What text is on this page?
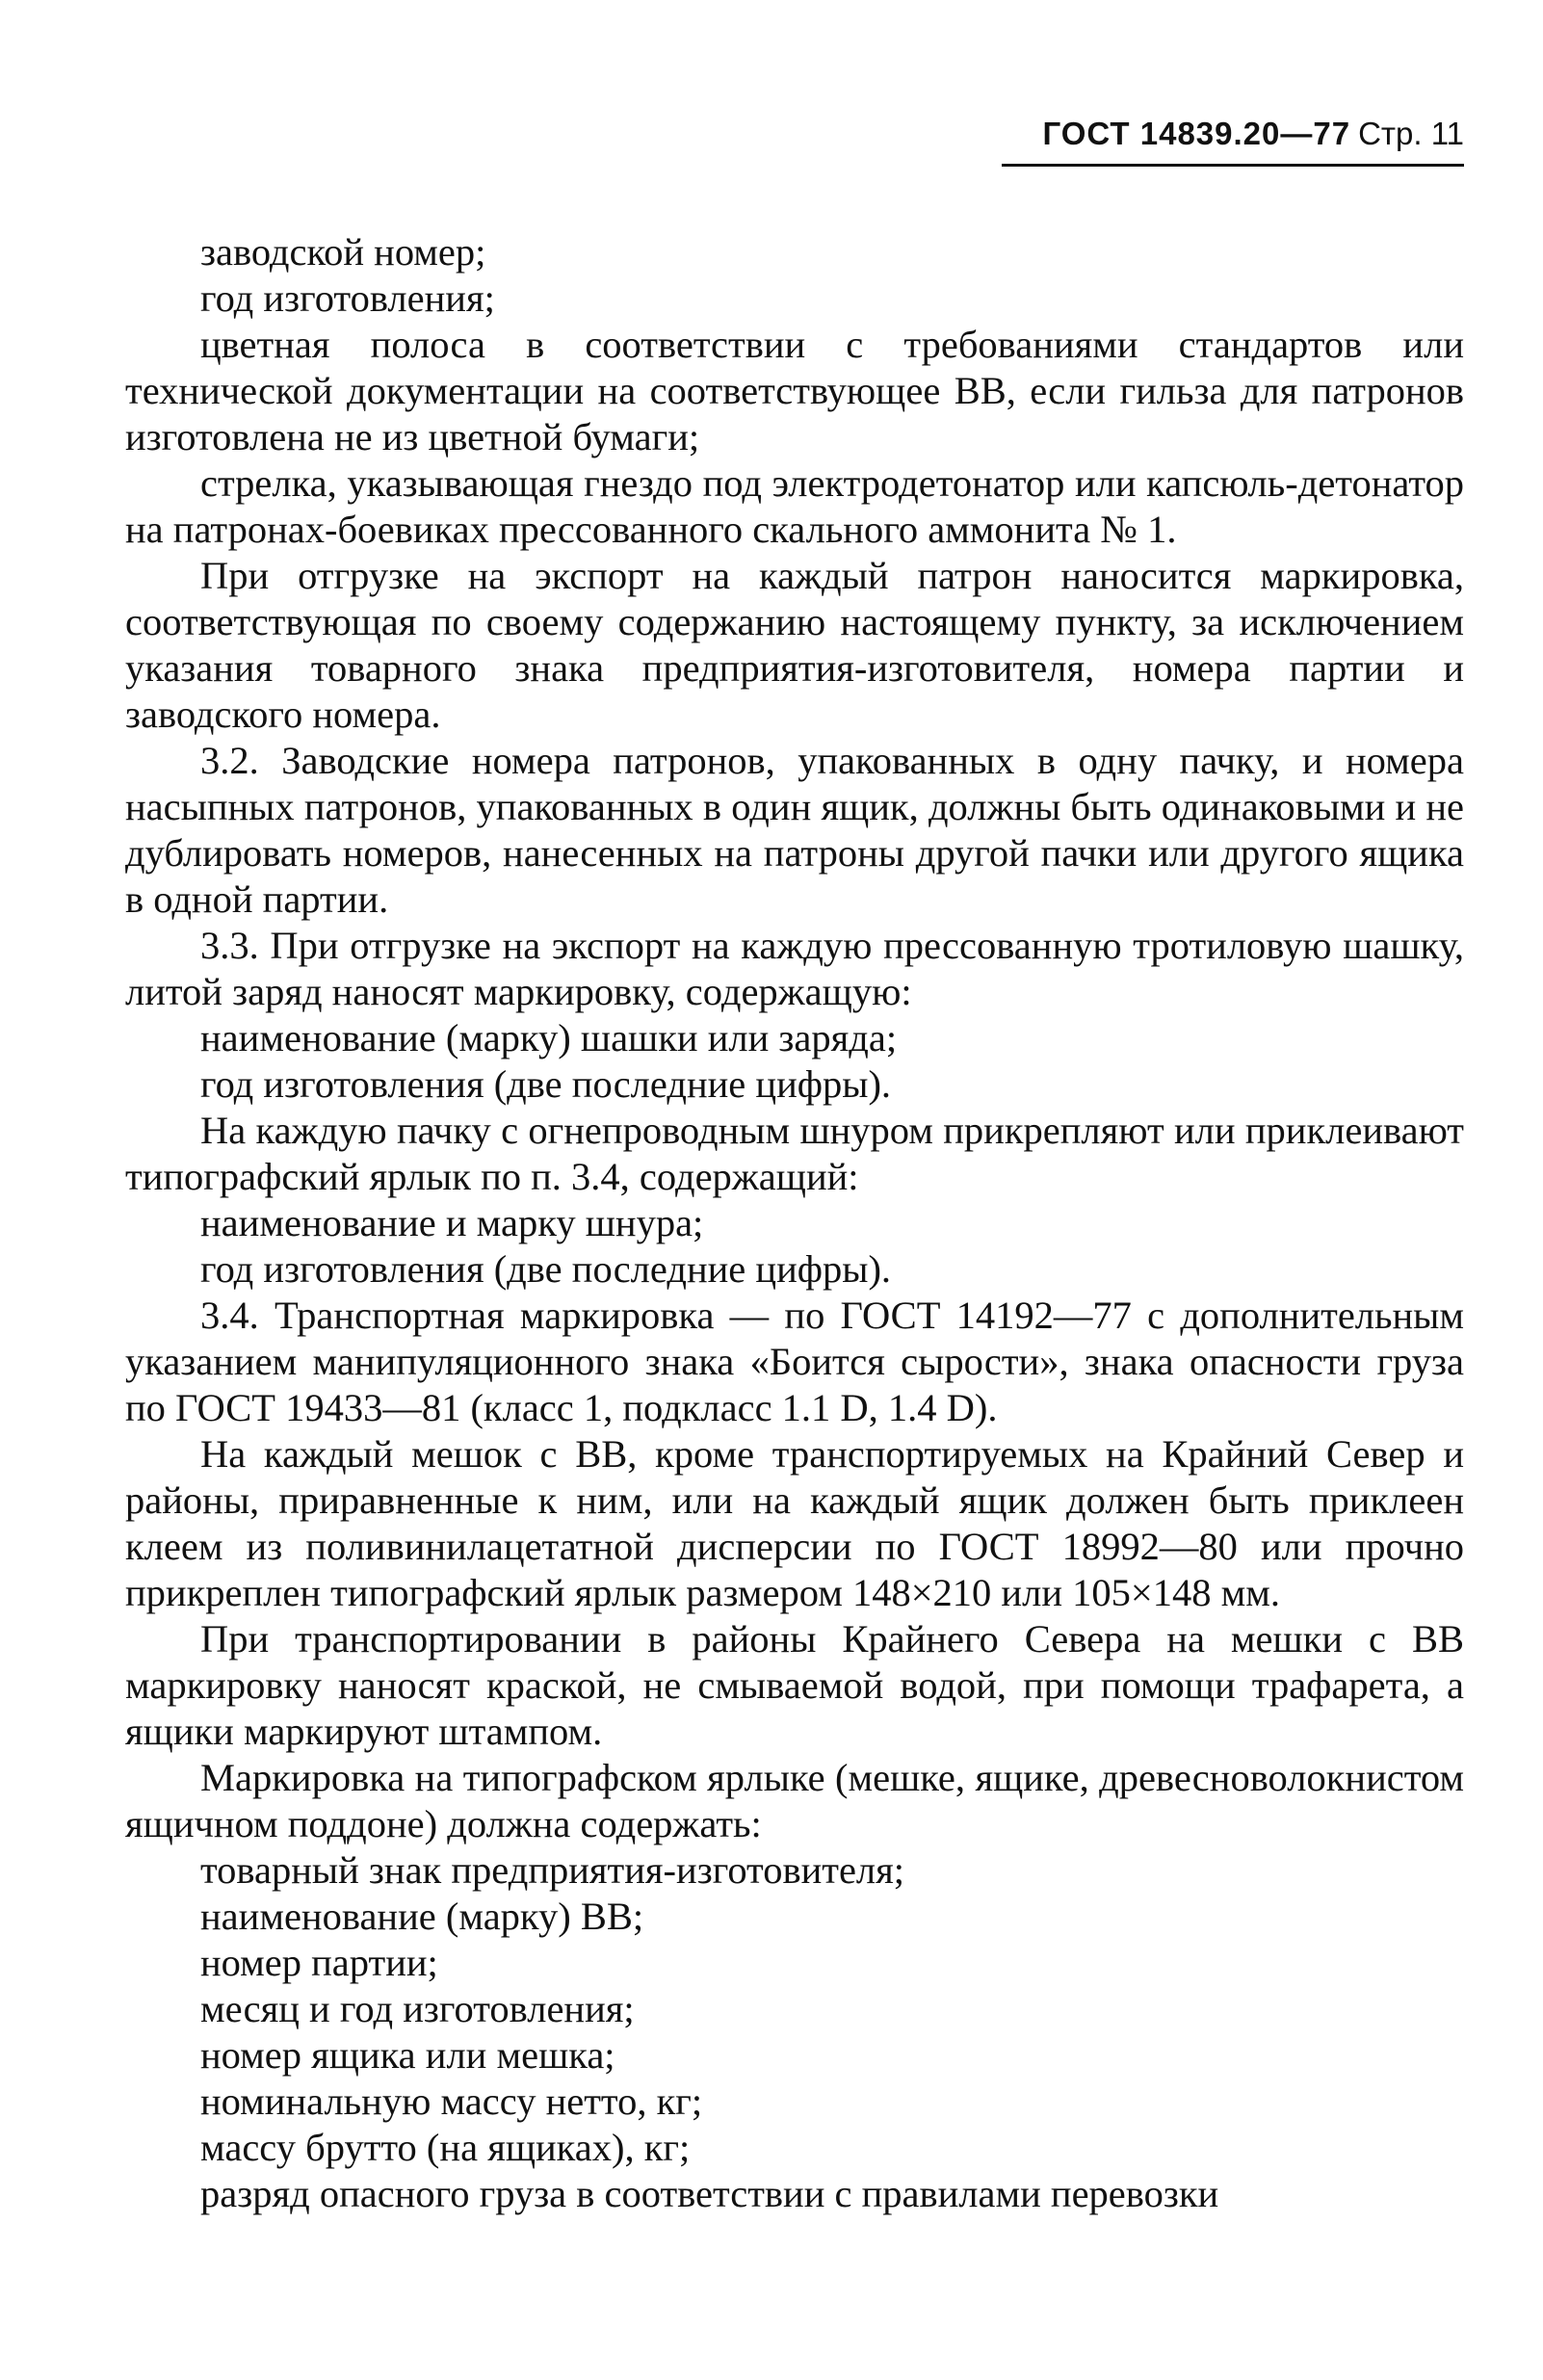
ГОСТ 14839.20—77 Стр. 11

заводской номер;

год изготовления;

цветная полоса в соответствии с требованиями стандартов или технической документации на соответствующее ВВ, если гильза для патронов изготовлена не из цветной бумаги;

стрелка, указывающая гнездо под электродетонатор или капсюль-детонатор на патронах-боевиках прессованного скального аммонита № 1.

При отгрузке на экспорт на каждый патрон наносится маркировка, соответствующая по своему содержанию настоящему пункту, за исключением указания товарного знака предприятия-изготовителя, номера партии и заводского номера.

3.2. Заводские номера патронов, упакованных в одну пачку, и номера насыпных патронов, упакованных в один ящик, должны быть одинаковыми и не дублировать номеров, нанесенных на патроны другой пачки или другого ящика в одной партии.

3.3. При отгрузке на экспорт на каждую прессованную тротиловую шашку, литой заряд наносят маркировку, содержащую:

наименование (марку) шашки или заряда;

год изготовления (две последние цифры).

На каждую пачку с огнепроводным шнуром прикрепляют или приклеивают типографский ярлык по п. 3.4, содержащий:

наименование и марку шнура;

год изготовления (две последние цифры).

3.4. Транспортная маркировка — по ГОСТ 14192—77 с дополнительным указанием манипуляционного знака «Боится сырости», знака опасности груза по ГОСТ 19433—81 (класс 1, подкласс 1.1 D, 1.4 D).

На каждый мешок с ВВ, кроме транспортируемых на Крайний Север и районы, приравненные к ним, или на каждый ящик должен быть приклеен клеем из поливинилацетатной дисперсии по ГОСТ 18992—80 или прочно прикреплен типографский ярлык размером 148×210 или 105×148 мм.

При транспортировании в районы Крайнего Севера на мешки с ВВ маркировку наносят краской, не смываемой водой, при помощи трафарета, а ящики маркируют штампом.

Маркировка на типографском ярлыке (мешке, ящике, древесноволокнистом ящичном поддоне) должна содержать:

товарный знак предприятия-изготовителя;

наименование (марку) ВВ;

номер партии;

месяц и год изготовления;

номер ящика или мешка;

номинальную массу нетто, кг;

массу брутто (на ящиках), кг;

разряд опасного груза в соответствии с правилами перевозки
